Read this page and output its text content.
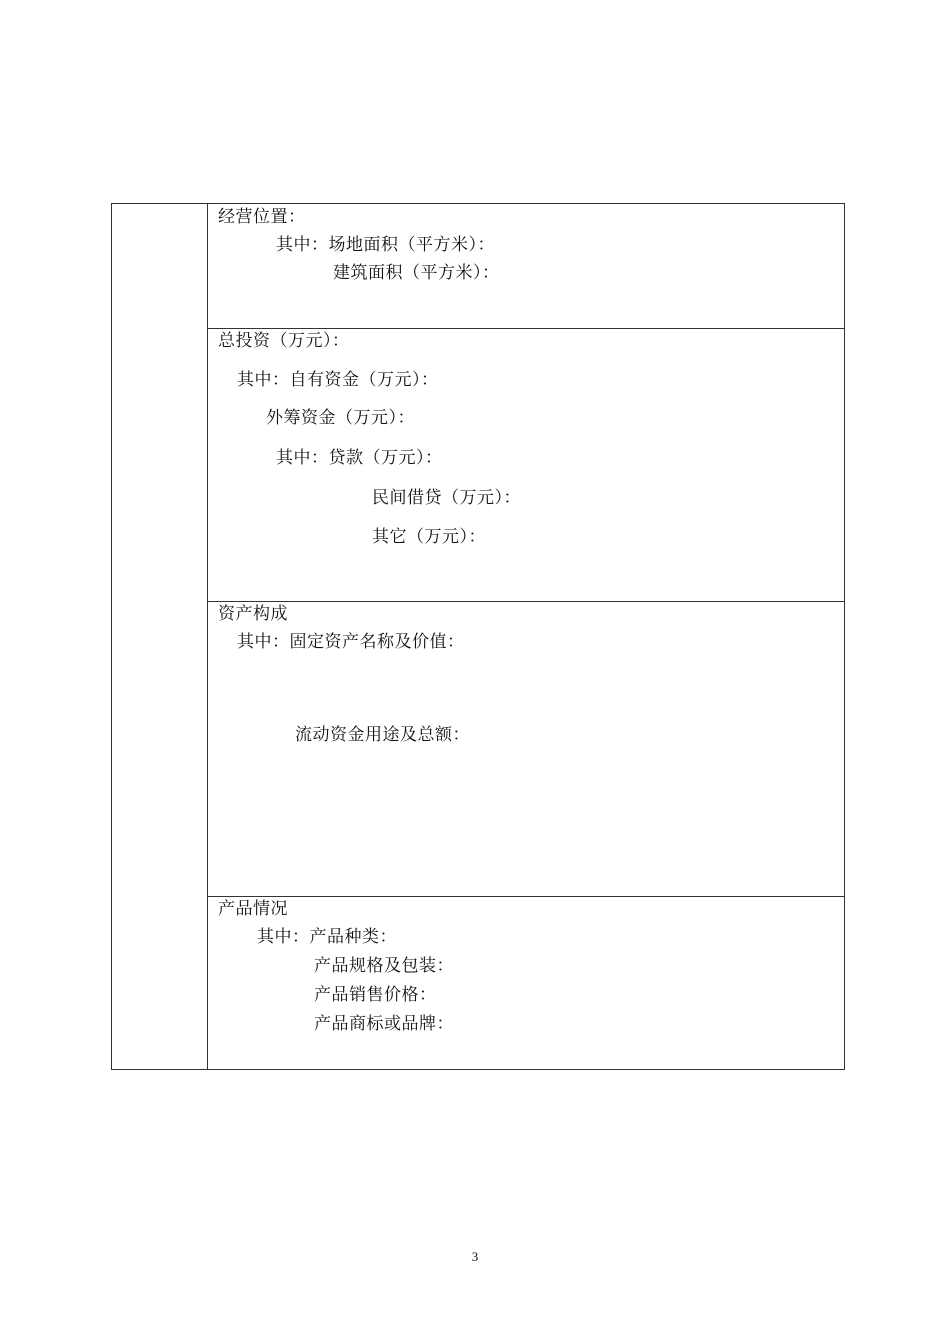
经营位置：
其中：场地面积（平方米）：
建筑面积（平方米）：
总投资（万元）：
其中：自有资金（万元）：
外筹资金（万元）：
其中：贷款（万元）：
民间借贷（万元）：
其它（万元）：
资产构成
其中：固定资产名称及价值：
流动资金用途及总额：
产品情况
其中：产品种类：
产品规格及包装：
产品销售价格：
产品商标或品牌：
3
